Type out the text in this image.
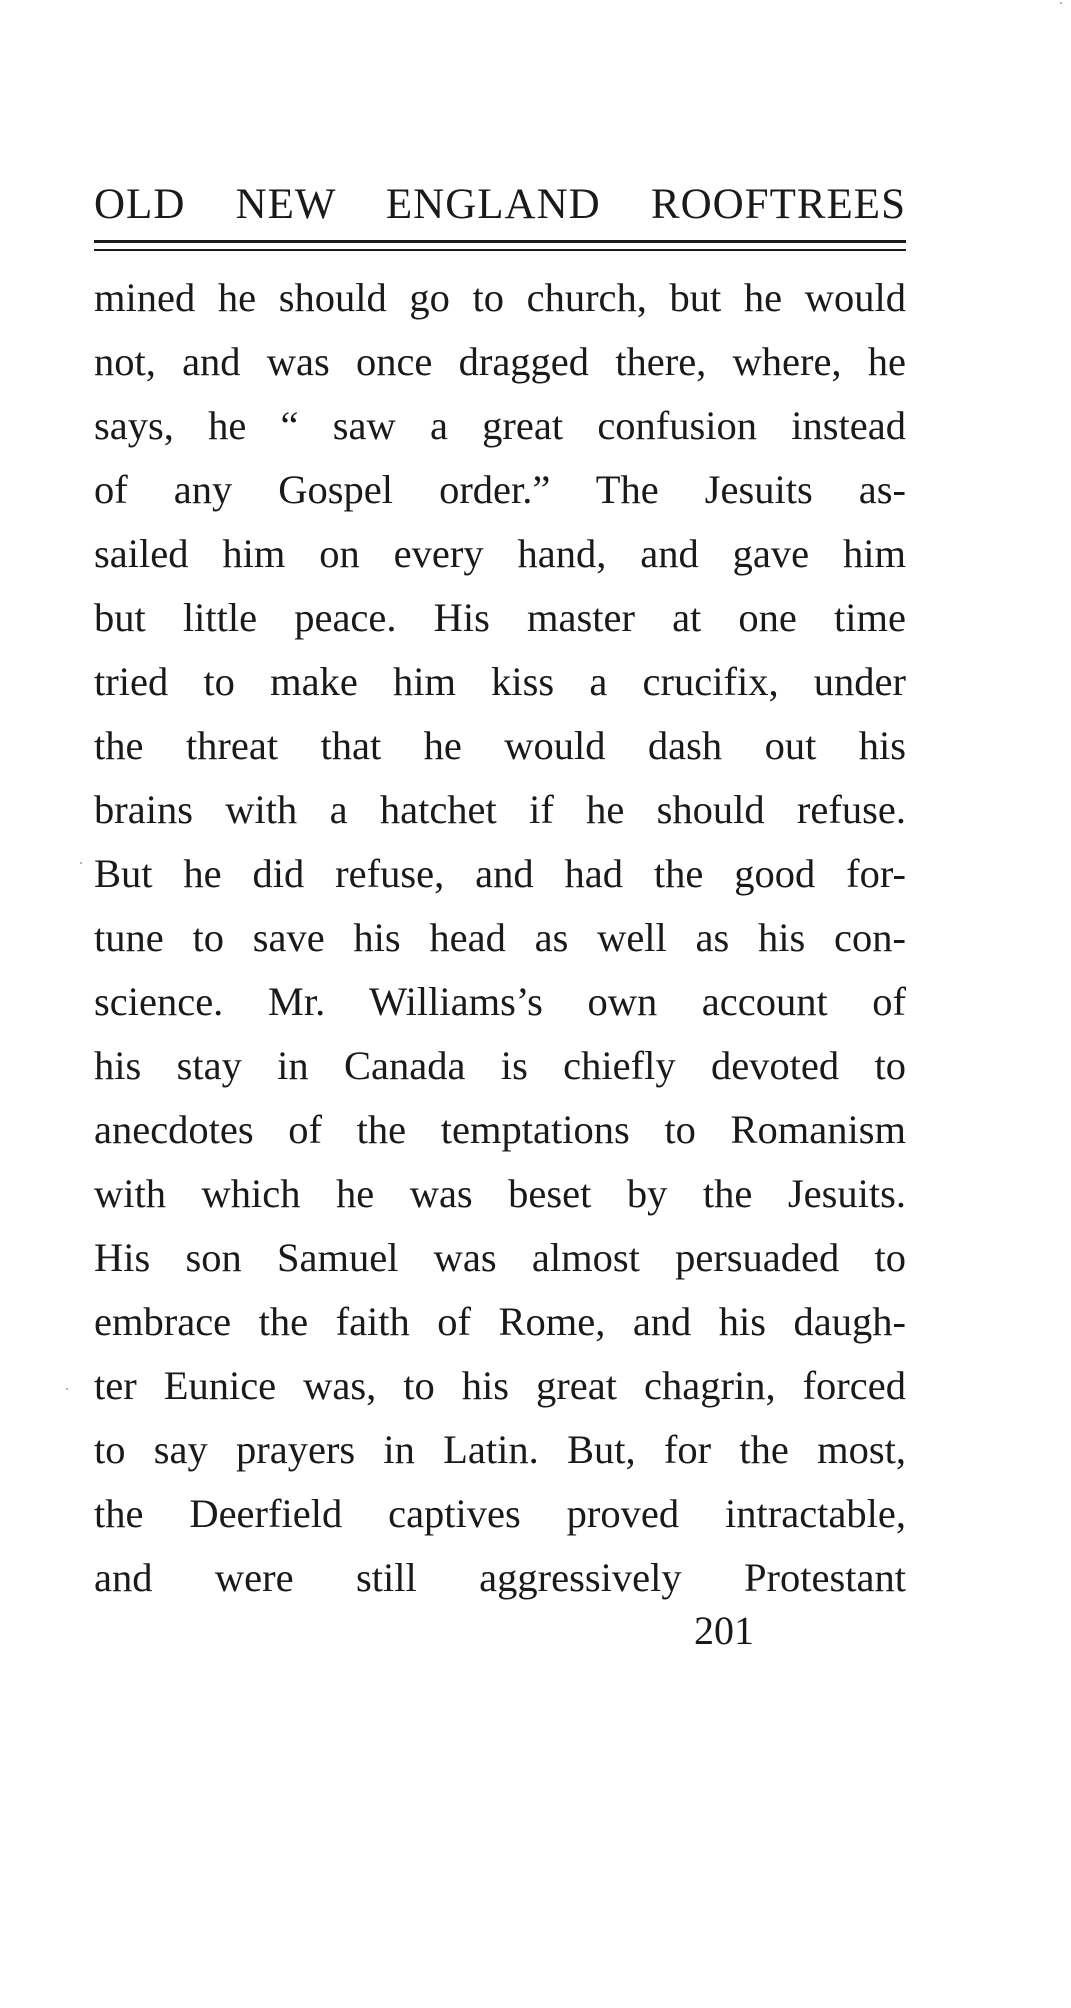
OLD NEW ENGLAND ROOFTREES
mined he should go to church, but he would
not, and was once dragged there, where, he
says, he “ saw a great confusion instead
of any Gospel order.” The Jesuits as-
sailed him on every hand, and gave him
but little peace. His master at one time
tried to make him kiss a crucifix, under
the threat that he would dash out his
brains with a hatchet if he should refuse.
But he did refuse, and had the good for-
tune to save his head as well as his con-
science. Mr. Williams’s own account of
his stay in Canada is chiefly devoted to
anecdotes of the temptations to Romanism
with which he was beset by the Jesuits.
His son Samuel was almost persuaded to
embrace the faith of Rome, and his daugh-
ter Eunice was, to his great chagrin, forced
to say prayers in Latin. But, for the most,
the Deerfield captives proved intractable,
and were still aggressively Protestant
201
